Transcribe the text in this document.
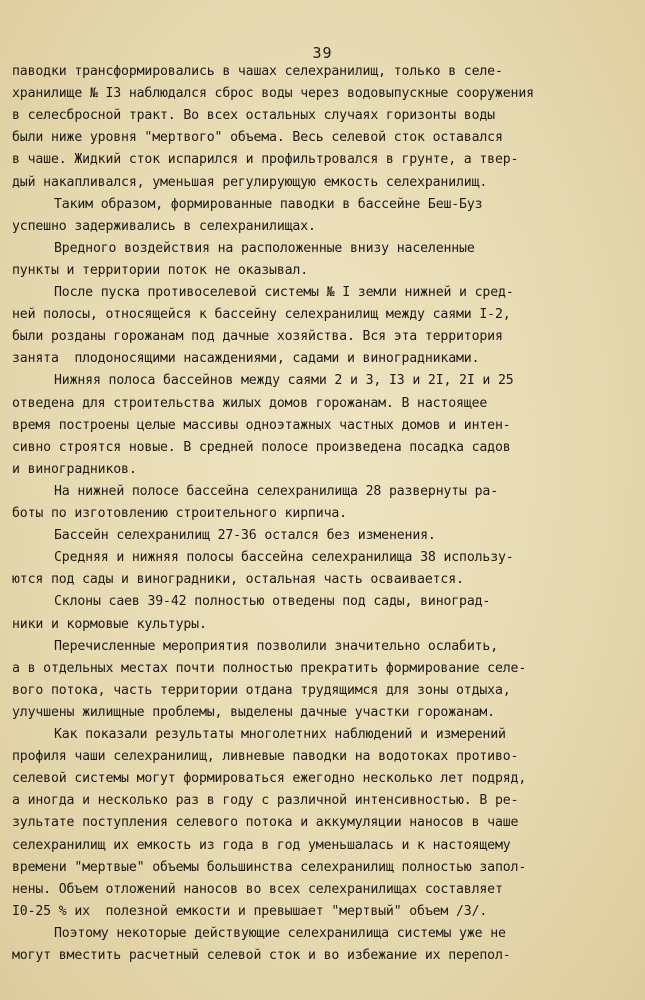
39
паводки трансформировались в чашах селехранилищ, только в селе-
хранилище № I3 наблюдался сброс воды через водовыпускные сооружения
в селесбросной тракт. Во всех остальных случаях горизонты воды
были ниже уровня "мертвого" объема. Весь селевой сток оставался
в чаше. Жидкий сток испарился и профильтровался в грунте, а твер-
дый накапливался, уменьшая регулирующую емкость селехранилищ.
Таким образом, формированные паводки в бассейне Беш-Буз
успешно задерживались в селехранилищах.
Вредного воздействия на расположенные внизу населенные
пункты и территории поток не оказывал.
После пуска противоселевой системы № I земли нижней и сред-
ней полосы, относящейся к бассейну селехранилищ между саями I-2,
были розданы горожанам под дачные хозяйства. Вся эта территория
занята  плодоносящими насаждениями, садами и виноградниками.
Нижняя полоса бассейнов между саями 2 и 3, I3 и 2I, 2I и 25
отведена для строительства жилых домов горожанам. В настоящее
время построены целые массивы одноэтажных частных домов и интен-
сивно строятся новые. В средней полосе произведена посадка садов
и виноградников.
На нижней полосе бассейна селехранилища 28 развернуты ра-
боты по изготовлению строительного кирпича.
Бассейн селехранилищ 27-36 остался без изменения.
Средняя и нижняя полосы бассейна селехранилища 38 использу-
ются под сады и виноградники, остальная часть осваивается.
Склоны саев 39-42 полностью отведены под сады, виноград-
ники и кормовые культуры.
Перечисленные мероприятия позволили значительно ослабить,
а в отдельных местах почти полностью прекратить формирование селе-
вого потока, часть территории отдана трудящимся для зоны отдыха,
улучшены жилищные проблемы, выделены дачные участки горожанам.
Как показали результаты многолетних наблюдений и измерений
профиля чаши селехранилищ, ливневые паводки на водотоках противо-
селевой системы могут формироваться ежегодно несколько лет подряд,
а иногда и несколько раз в году с различной интенсивностью. В ре-
зультате поступления селевого потока и аккумуляции наносов в чаше
селехранилищ их емкость из года в год уменьшалась и к настоящему
времени "мертвые" объемы большинства селехранилищ полностью запол-
нены. Объем отложений наносов во всех селехранилищах составляет
I0-25 % их  полезной емкости и превышает "мертвый" объем /3/.
Поэтому некоторые действующие селехранилища системы уже не
могут вместить расчетный селевой сток и во избежание их перепол-
